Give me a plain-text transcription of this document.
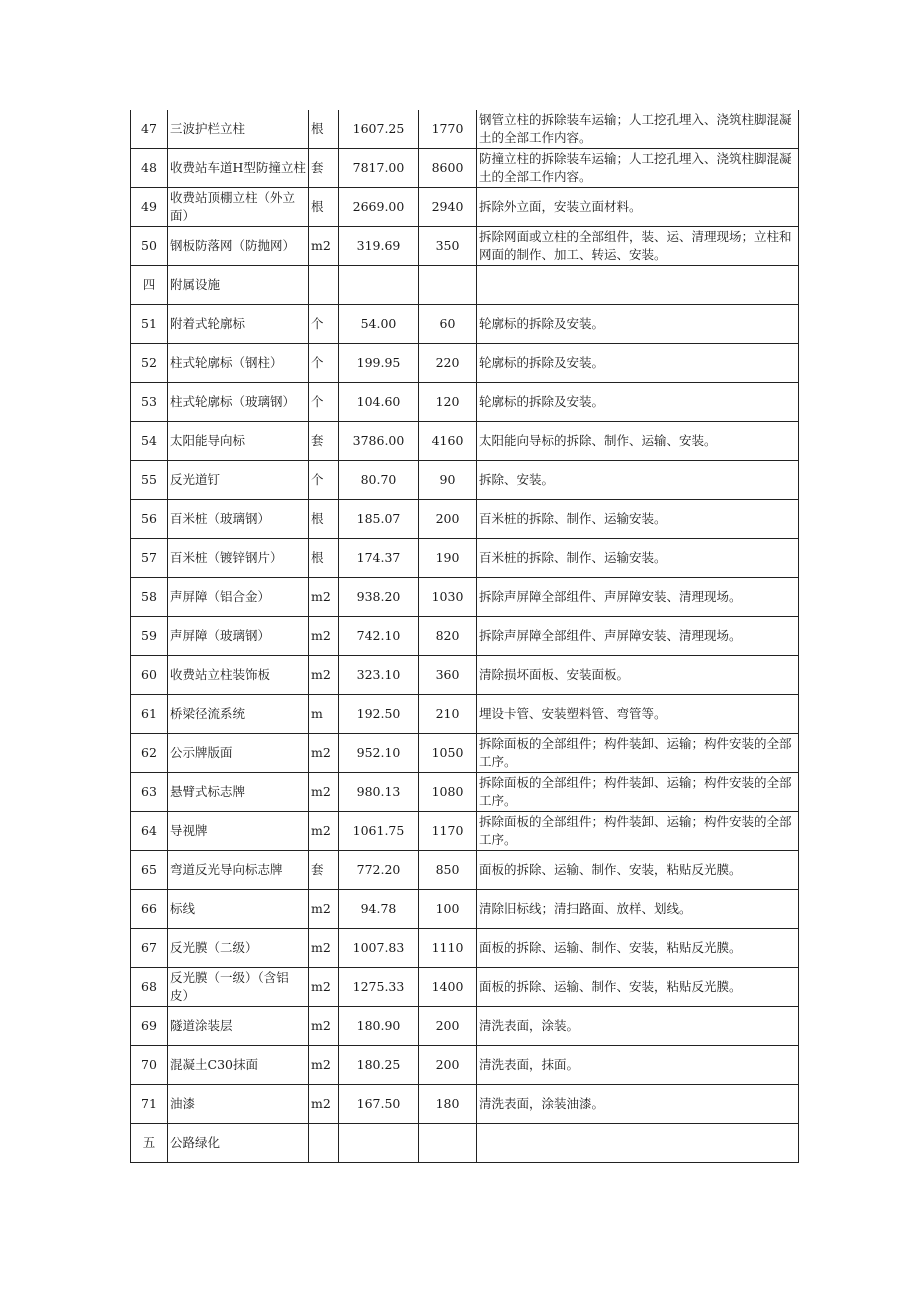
47	三波护栏立柱	根	1607.25	1770	钢管立柱的拆除装车运输；人工挖孔埋入、浇筑柱脚混凝土的全部工作内容。
48	收费站车道H型防撞立柱	套	7817.00	8600	防撞立柱的拆除装车运输；人工挖孔埋入、浇筑柱脚混凝土的全部工作内容。
49	收费站顶棚立柱（外立面）	根	2669.00	2940	拆除外立面，安装立面材料。
50	钢板防落网（防抛网）	m2	319.69	350	拆除网面或立柱的全部组件，装、运、清理现场；立柱和网面的制作、加工、转运、安装。
四	附属设施				
51	附着式轮廓标	个	54.00	60	轮廓标的拆除及安装。
52	柱式轮廓标（钢柱）	个	199.95	220	轮廓标的拆除及安装。
53	柱式轮廓标（玻璃钢）	个	104.60	120	轮廓标的拆除及安装。
54	太阳能导向标	套	3786.00	4160	太阳能向导标的拆除、制作、运输、安装。
55	反光道钉	个	80.70	90	拆除、安装。
56	百米桩（玻璃钢）	根	185.07	200	百米桩的拆除、制作、运输安装。
57	百米桩（镀锌钢片）	根	174.37	190	百米桩的拆除、制作、运输安装。
58	声屏障（铝合金）	m2	938.20	1030	拆除声屏障全部组件、声屏障安装、清理现场。
59	声屏障（玻璃钢）	m2	742.10	820	拆除声屏障全部组件、声屏障安装、清理现场。
60	收费站立柱装饰板	m2	323.10	360	清除损坏面板、安装面板。
61	桥梁径流系统	m	192.50	210	埋设卡管、安装塑料管、弯管等。
62	公示牌版面	m2	952.10	1050	拆除面板的全部组件；构件装卸、运输；构件安装的全部工序。
63	悬臂式标志牌	m2	980.13	1080	拆除面板的全部组件；构件装卸、运输；构件安装的全部工序。
64	导视牌	m2	1061.75	1170	拆除面板的全部组件；构件装卸、运输；构件安装的全部工序。
65	弯道反光导向标志牌	套	772.20	850	面板的拆除、运输、制作、安装，粘贴反光膜。
66	标线	m2	94.78	100	清除旧标线；清扫路面、放样、划线。
67	反光膜（二级）	m2	1007.83	1110	面板的拆除、运输、制作、安装，粘贴反光膜。
68	反光膜（一级）（含铝皮）	m2	1275.33	1400	面板的拆除、运输、制作、安装，粘贴反光膜。
69	隧道涂装层	m2	180.90	200	清洗表面，涂装。
70	混凝土C30抹面	m2	180.25	200	清洗表面，抹面。
71	油漆	m2	167.50	180	清洗表面，涂装油漆。
五	公路绿化				
